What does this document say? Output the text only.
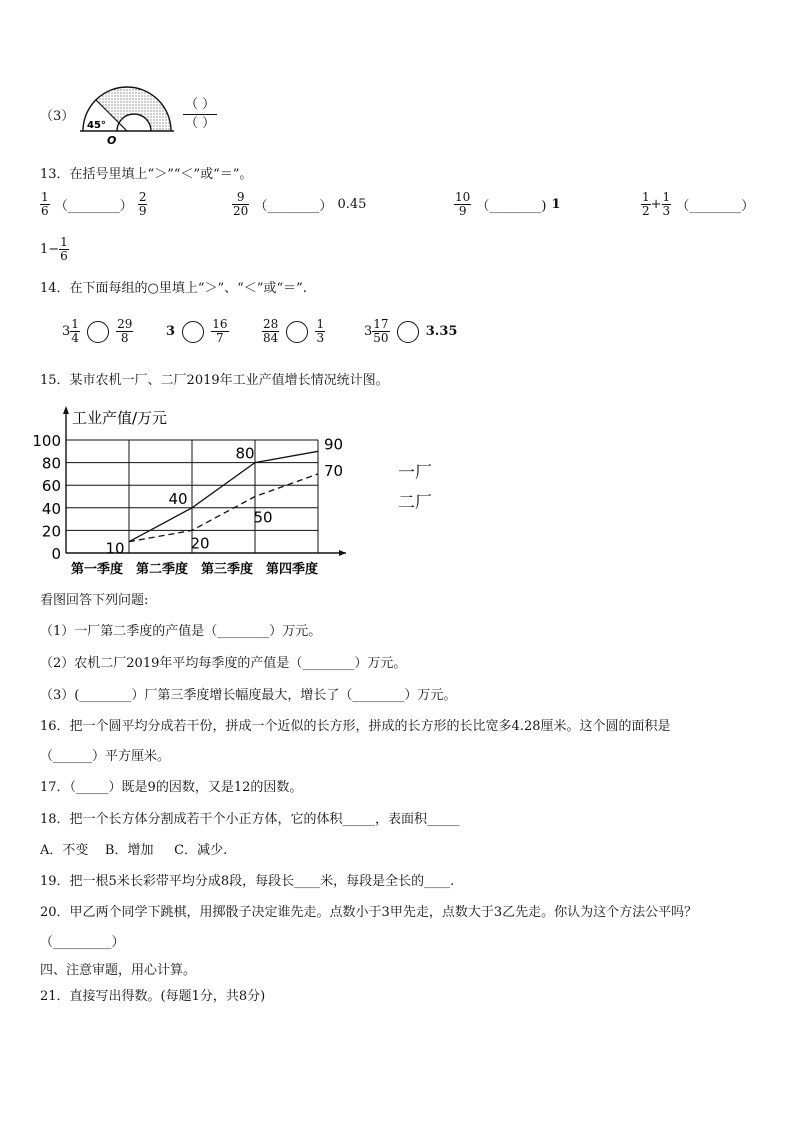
（3）
45°
O
（ ）
（ ）
13．在括号里填上“＞”“＜”或“＝”。
$\frac{1}{6}$ （________） $\frac{2}{9}$	$\frac{9}{20}$ （________） 0.45	$\frac{10}{9}$ （________) 1	$\frac{1}{2} + \frac{1}{3}$ （________）
$1- \frac{1}{6}$
14．在下面每组的○里填上“＞”、“＜”或“＝”.
$3 \frac{1}{4}$
	$\frac{29}{8}$	3	$\frac{16}{7}$	$\frac{28}{84}$
	$\frac{1}{3}$	$3 \frac{17}{50}$	3.35
15．某市农机一厂、二厂2019年工业产值增长情况统计图。
工业产值/万元
0
20
40
60
80
100
第一季度 第二季度 第三季度 第四季度
10
40
80
90
20
50
70	一厂
二厂
看图回答下列问题:
（1）一厂第二季度的产值是（________）万元。
（2）农机二厂2019年平均每季度的产值是（________）万元。
（3）(________）厂第三季度增长幅度最大，增长了（________）万元。
16．把一个圆平均分成若干份，拼成一个近似的长方形，拼成的长方形的长比宽多4.28厘米。这个圆的面积是
（______）平方厘米。
17．（_____）既是9的因数，又是12的因数。
18．把一个长方体分割成若干个小正方体，它的体积_____，表面积_____
A．不变    B．增加     C．减少.
19．把一根5米长彩带平均分成8段，每段长____米，每段是全长的____.
20．甲乙两个同学下跳棋，用掷骰子决定谁先走。点数小于3甲先走，点数大于3乙先走。你认为这个方法公平吗？
（_________）
四、注意审题，用心计算。
21．直接写出得数。(每题1分，共8分)
